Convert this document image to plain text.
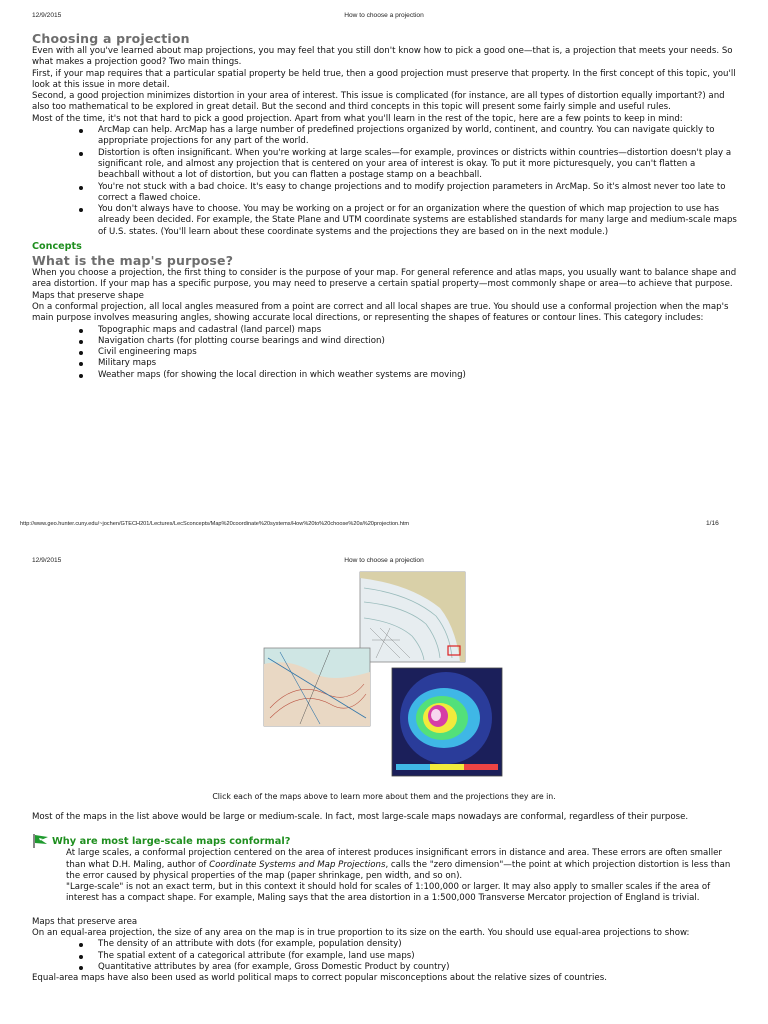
12/9/2015	How to choose a projection
Choosing a projection

Even with all you've learned about map projections, you may feel that you still don't know how to pick a good one—that is, a projection that meets your needs. So what makes a projection good? Two main things.

First, if your map requires that a particular spatial property be held true, then a good projection must preserve that property. In the first concept of this topic, you'll look at this issue in more detail.

Second, a good projection minimizes distortion in your area of interest. This issue is complicated (for instance, are all types of distortion equally important?) and also too mathematical to be explored in great detail. But the second and third concepts in this topic will present some fairly simple and useful rules.

Most of the time, it's not that hard to pick a good projection. Apart from what you'll learn in the rest of the topic, here are a few points to keep in mind:

ArcMap can help. ArcMap has a large number of predefined projections organized by world, continent, and country. You can navigate quickly to appropriate projections for any part of the world.
Distortion is often insignificant. When you're working at large scales—for example, provinces or districts within countries—distortion doesn't play a significant role, and almost any projection that is centered on your area of interest is okay. To put it more picturesquely, you can't flatten a beachball without a lot of distortion, but you can flatten a postage stamp on a beachball.
You're not stuck with a bad choice. It's easy to change projections and to modify projection parameters in ArcMap. So it's almost never too late to correct a flawed choice.
You don't always have to choose. You may be working on a project or for an organization where the question of which map projection to use has already been decided. For example, the State Plane and UTM coordinate systems are established standards for many large and medium-scale maps of U.S. states. (You'll learn about these coordinate systems and the projections they are based on in the next module.)
Concepts
What is the map's purpose?

When you choose a projection, the first thing to consider is the purpose of your map. For general reference and atlas maps, you usually want to balance shape and area distortion. If your map has a specific purpose, you may need to preserve a certain spatial property—most commonly shape or area—to achieve that purpose.

Maps that preserve shape

On a conformal projection, all local angles measured from a point are correct and all local shapes are true. You should use a conformal projection when the map's main purpose involves measuring angles, showing accurate local directions, or representing the shapes of features or contour lines. This category includes:

Topographic maps and cadastral (land parcel) maps
Navigation charts (for plotting course bearings and wind direction)
Civil engineering maps
Military maps
Weather maps (for showing the local direction in which weather systems are moving)
http://www.geo.hunter.cuny.edu/~jochen/GTECH201/Lectures/LecSconcepts/Map%20coordinate%20systems/How%20to%20choose%20a%20projection.htm	1/16
12/9/2015	How to choose a projection
Click each of the maps above to learn more about them and the projections they are in.

Most of the maps in the list above would be large or medium-scale. In fact, most large-scale maps nowadays are conformal, regardless of their purpose.

Why are most large-scale maps conformal?

At large scales, a conformal projection centered on the area of interest produces insignificant errors in distance and area. These errors are often smaller than what D.H. Maling, author of Coordinate Systems and Map Projections, calls the "zero dimension"—the point at which projection distortion is less than the error caused by physical properties of the map (paper shrinkage, pen width, and so on).

"Large-scale" is not an exact term, but in this context it should hold for scales of 1:100,000 or larger. It may also apply to smaller scales if the area of interest has a compact shape. For example, Maling says that the area distortion in a 1:500,000 Transverse Mercator projection of England is trivial.

Maps that preserve area

On an equal-area projection, the size of any area on the map is in true proportion to its size on the earth. You should use equal-area projections to show:

The density of an attribute with dots (for example, population density)
The spatial extent of a categorical attribute (for example, land use maps)
Quantitative attributes by area (for example, Gross Domestic Product by country)

Equal-area maps have also been used as world political maps to correct popular misconceptions about the relative sizes of countries.
